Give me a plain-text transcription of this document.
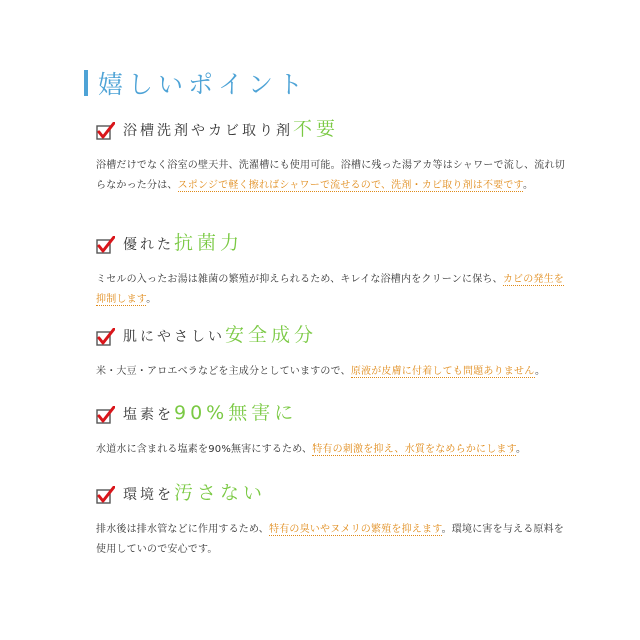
嬉しいポイント
浴槽洗剤やカビ取り剤 不要
浴槽だけでなく浴室の壁天井、洗濯槽にも使用可能。浴槽に残った湯アカ等はシャワーで流し、流れ切らなかった分は、スポンジで軽く擦ればシャワーで流せるので、洗剤・カビ取り剤は不要です。
優れた 抗菌力
ミセルの入ったお湯は雑菌の繁殖が抑えられるため、キレイな浴槽内をクリーンに保ち、カビの発生を抑制します。
肌にやさしい 安全成分
米・大豆・アロエベラなどを主成分としていますので、原液が皮膚に付着しても問題ありません。
塩素を 90%無害に
水道水に含まれる塩素を90%無害にするため、特有の刺激を抑え、水質をなめらかにします。
環境を 汚さない
排水後は排水管などに作用するため、特有の臭いやヌメリの繁殖を抑えます。環境に害を与える原料を使用していので安心です。
